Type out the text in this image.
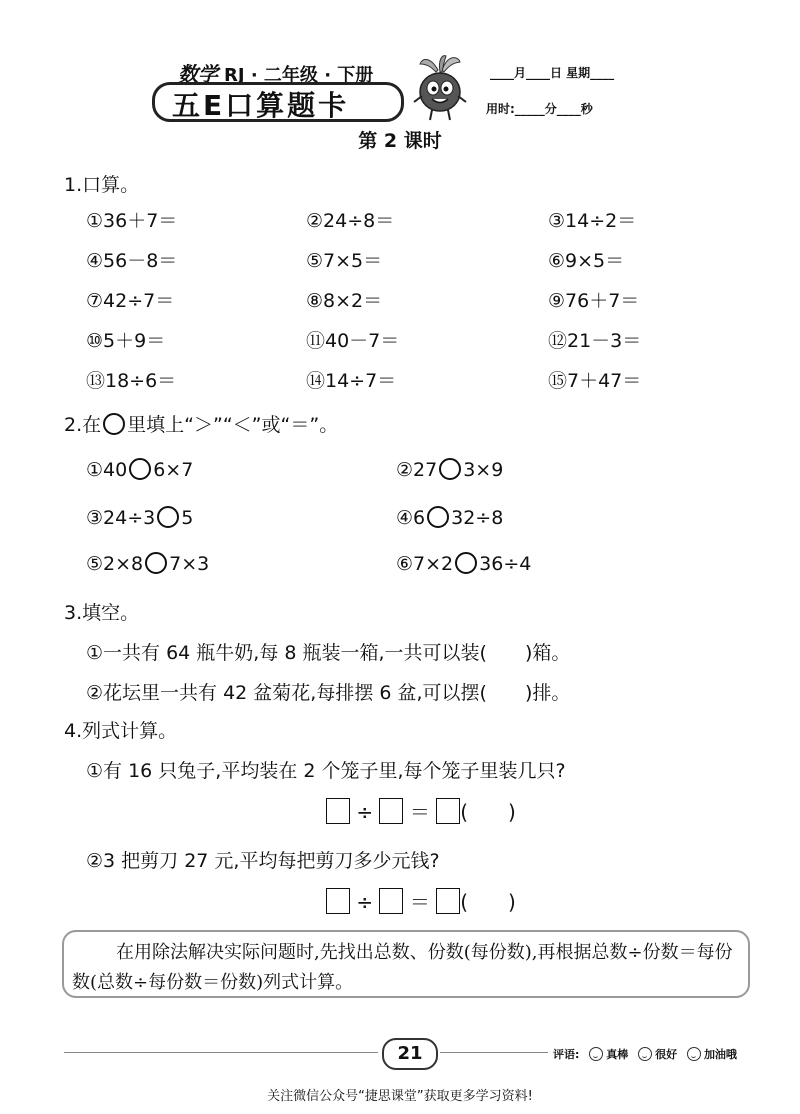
数学 RJ · 二年级 · 下册
五E口算题卡
____月____日 星期____
用时:_____分____秒
第 2 课时
1.口算。
①36＋7＝	②24÷8＝	③14÷2＝
④56－8＝	⑤7×5＝	⑥9×5＝
⑦42÷7＝	⑧8×2＝	⑨76＋7＝
⑩5＋9＝	⑪40－7＝	⑫21－3＝
⑬18÷6＝	⑭14÷7＝	⑮7＋47＝
2.在 里填上“＞”“＜”或“＝”。
①40 6×7	②27 3×9
③24÷3 5	④6 32÷8
⑤2×8 7×3	⑥7×2 36÷4
3.填空。
①一共有 64 瓶牛奶,每 8 瓶装一箱,一共可以装(　　)箱。
②花坛里一共有 42 盆菊花,每排摆 6 盆,可以摆(　　)排。
4.列式计算。
①有 16 只兔子,平均装在 2 个笼子里,每个笼子里装几只?
÷ ＝ (　　)
②3 把剪刀 27 元,平均每把剪刀多少元钱?
÷ ＝ (　　)
在用除法解决实际问题时,先找出总数、份数(每份数),再根据总数÷份数＝每份数(总数÷每份数＝份数)列式计算。
21	评语: 真棒 很好 加油哦
关注微信公众号“捷思课堂”获取更多学习资料!
